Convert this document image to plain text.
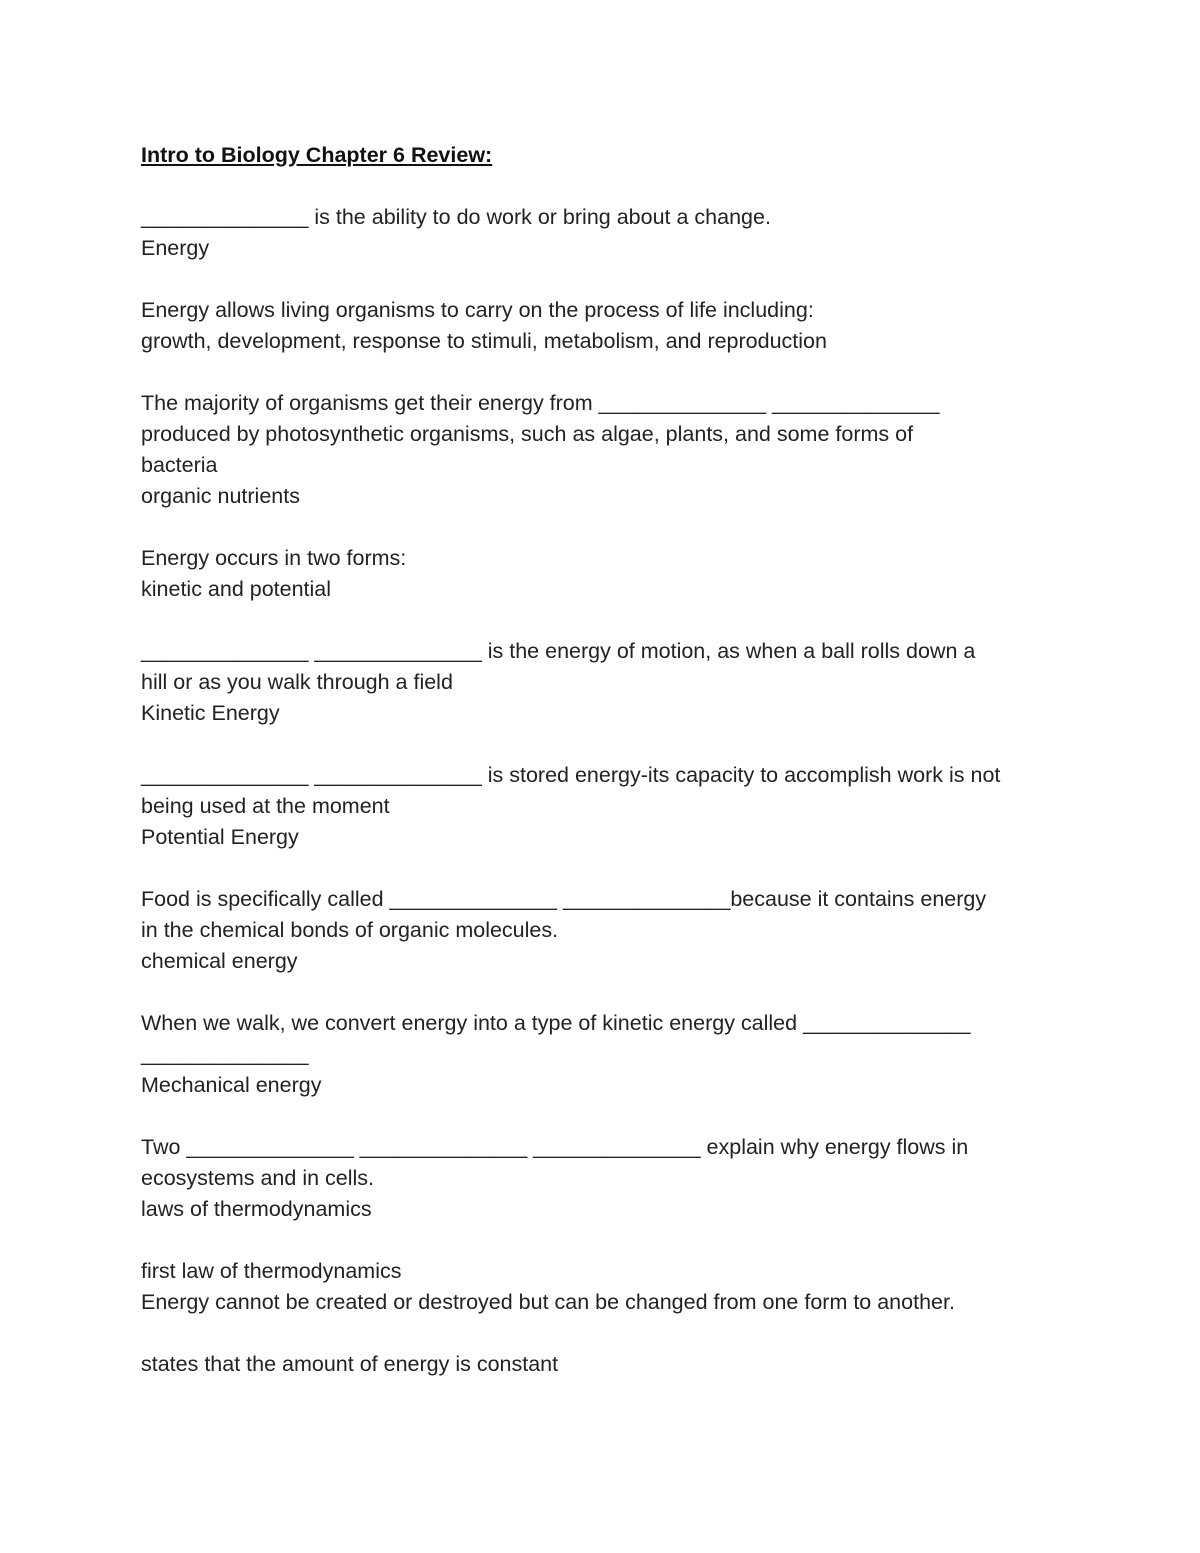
Intro to Biology Chapter 6 Review:

______________ is the ability to do work or bring about a change.

Energy

Energy allows living organisms to carry on the process of life including:

growth, development, response to stimuli, metabolism, and reproduction

The majority of organisms get their energy from ______________ ______________

produced by photosynthetic organisms, such as algae, plants, and some forms of

bacteria

organic nutrients

Energy occurs in two forms:

kinetic and potential

______________ ______________ is the energy of motion, as when a ball rolls down a

hill or as you walk through a field

Kinetic Energy

______________ ______________ is stored energy-its capacity to accomplish work is not

being used at the moment

Potential Energy

Food is specifically called ______________ ______________because it contains energy

in the chemical bonds of organic molecules.

chemical energy

When we walk, we convert energy into a type of kinetic energy called ______________

______________

Mechanical energy

Two ______________ ______________ ______________ explain why energy flows in

ecosystems and in cells.

laws of thermodynamics

first law of thermodynamics

Energy cannot be created or destroyed but can be changed from one form to another.

states that the amount of energy is constant
